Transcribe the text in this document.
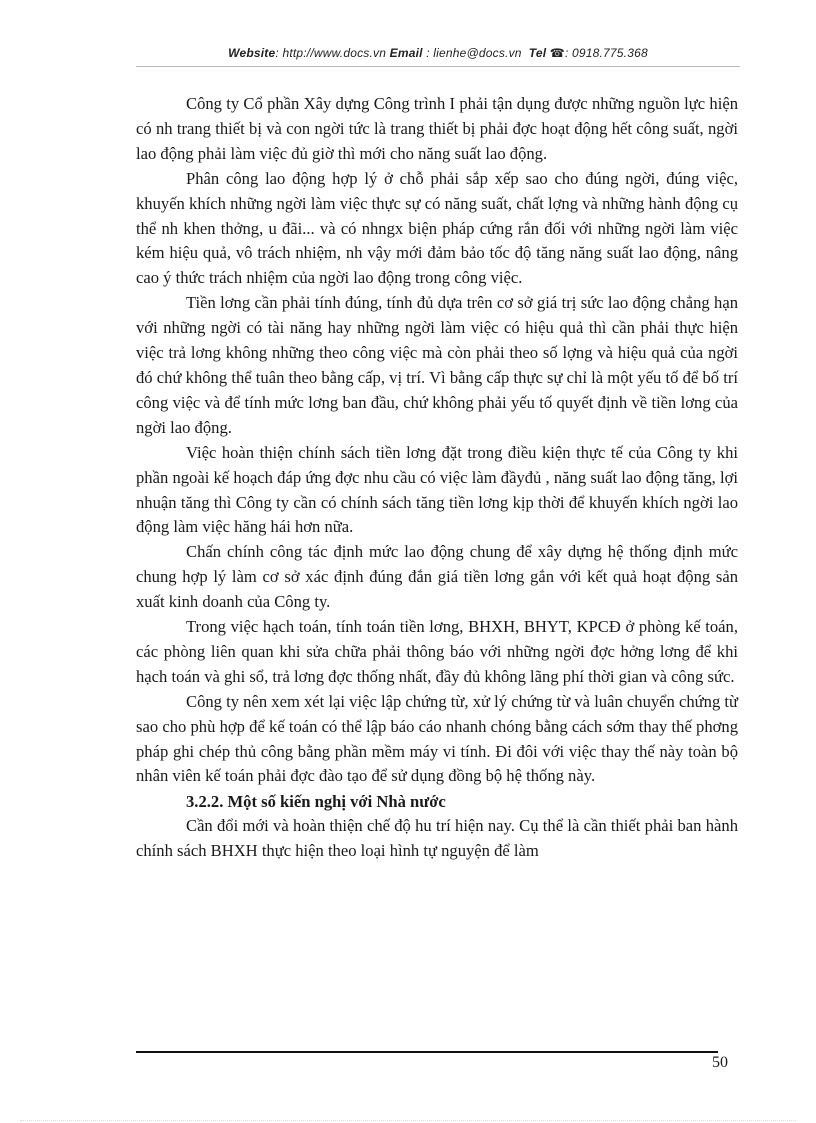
Website: http://www.docs.vn Email : lienhe@docs.vn Tel ☎: 0918.775.368

Công ty Cổ phần Xây dựng Công trình I phải tận dụng được những nguồn lực hiện có nh trang thiết bị và con ngời tức là trang thiết bị phải đợc hoạt động hết công suất, ngời lao động phải làm việc đủ giờ thì mới cho năng suất lao động.

Phân công lao động hợp lý ở chỗ phải sắp xếp sao cho đúng ngời, đúng việc, khuyến khích những ngời làm việc thực sự có năng suất, chất lợng và những hành động cụ thể nh khen thởng, u đãi... và có nhngx biện pháp cứng rắn đối với những ngời làm việc kém hiệu quả, vô trách nhiệm, nh vậy mới đảm bảo tốc độ tăng năng suất lao động, nâng cao ý thức trách nhiệm của ngời lao động trong công việc.

Tiền lơng cần phải tính đúng, tính đủ dựa trên cơ sở giá trị sức lao động chẳng hạn với những ngời có tài năng hay những ngời làm việc có hiệu quả thì cần phải thực hiện việc trả lơng không những theo công việc mà còn phải theo số lợng và hiệu quả của ngời đó chứ không thể tuân theo bằng cấp, vị trí. Vì bằng cấp thực sự chỉ là một yếu tố để bố trí công việc và để tính mức lơng ban đầu, chứ không phải yếu tố quyết định về tiền lơng của ngời lao động.

Việc hoàn thiện chính sách tiền lơng đặt trong điều kiện thực tế của Công ty khi phần ngoài kế hoạch đáp ứng đợc nhu cầu có việc làm đầyđủ , năng suất lao động tăng, lợi nhuận tăng thì Công ty cần có chính sách tăng tiền lơng kịp thời để khuyến khích ngời lao động làm việc hăng hái hơn nữa.

Chấn chính công tác định mức lao động chung để xây dựng hệ thống định mức chung hợp lý làm cơ sở xác định đúng đắn giá tiền lơng gắn với kết quả hoạt động sản xuất kinh doanh của Công ty.

Trong việc hạch toán, tính toán tiền lơng, BHXH, BHYT, KPCĐ ở phòng kế toán, các phòng liên quan khi sửa chữa phải thông báo với những ngời đợc hởng lơng để khi hạch toán và ghi sổ, trả lơng đợc thống nhất, đầy đủ không lãng phí thời gian và công sức.

Công ty nên xem xét lại việc lập chứng từ, xử lý chứng từ và luân chuyển chứng từ sao cho phù hợp để kế toán có thể lập báo cáo nhanh chóng bằng cách sớm thay thế phơng pháp ghi chép thủ công bằng phần mềm máy vi tính. Đi đôi với việc thay thế này toàn bộ nhân viên kế toán phải đợc đào tạo để sử dụng đồng bộ hệ thống này.

3.2.2. Một số kiến nghị với Nhà nước

Cần đổi mới và hoàn thiện chế độ hu trí hiện nay. Cụ thể là cần thiết phải ban hành chính sách BHXH thực hiện theo loại hình tự nguyện để làm

50
